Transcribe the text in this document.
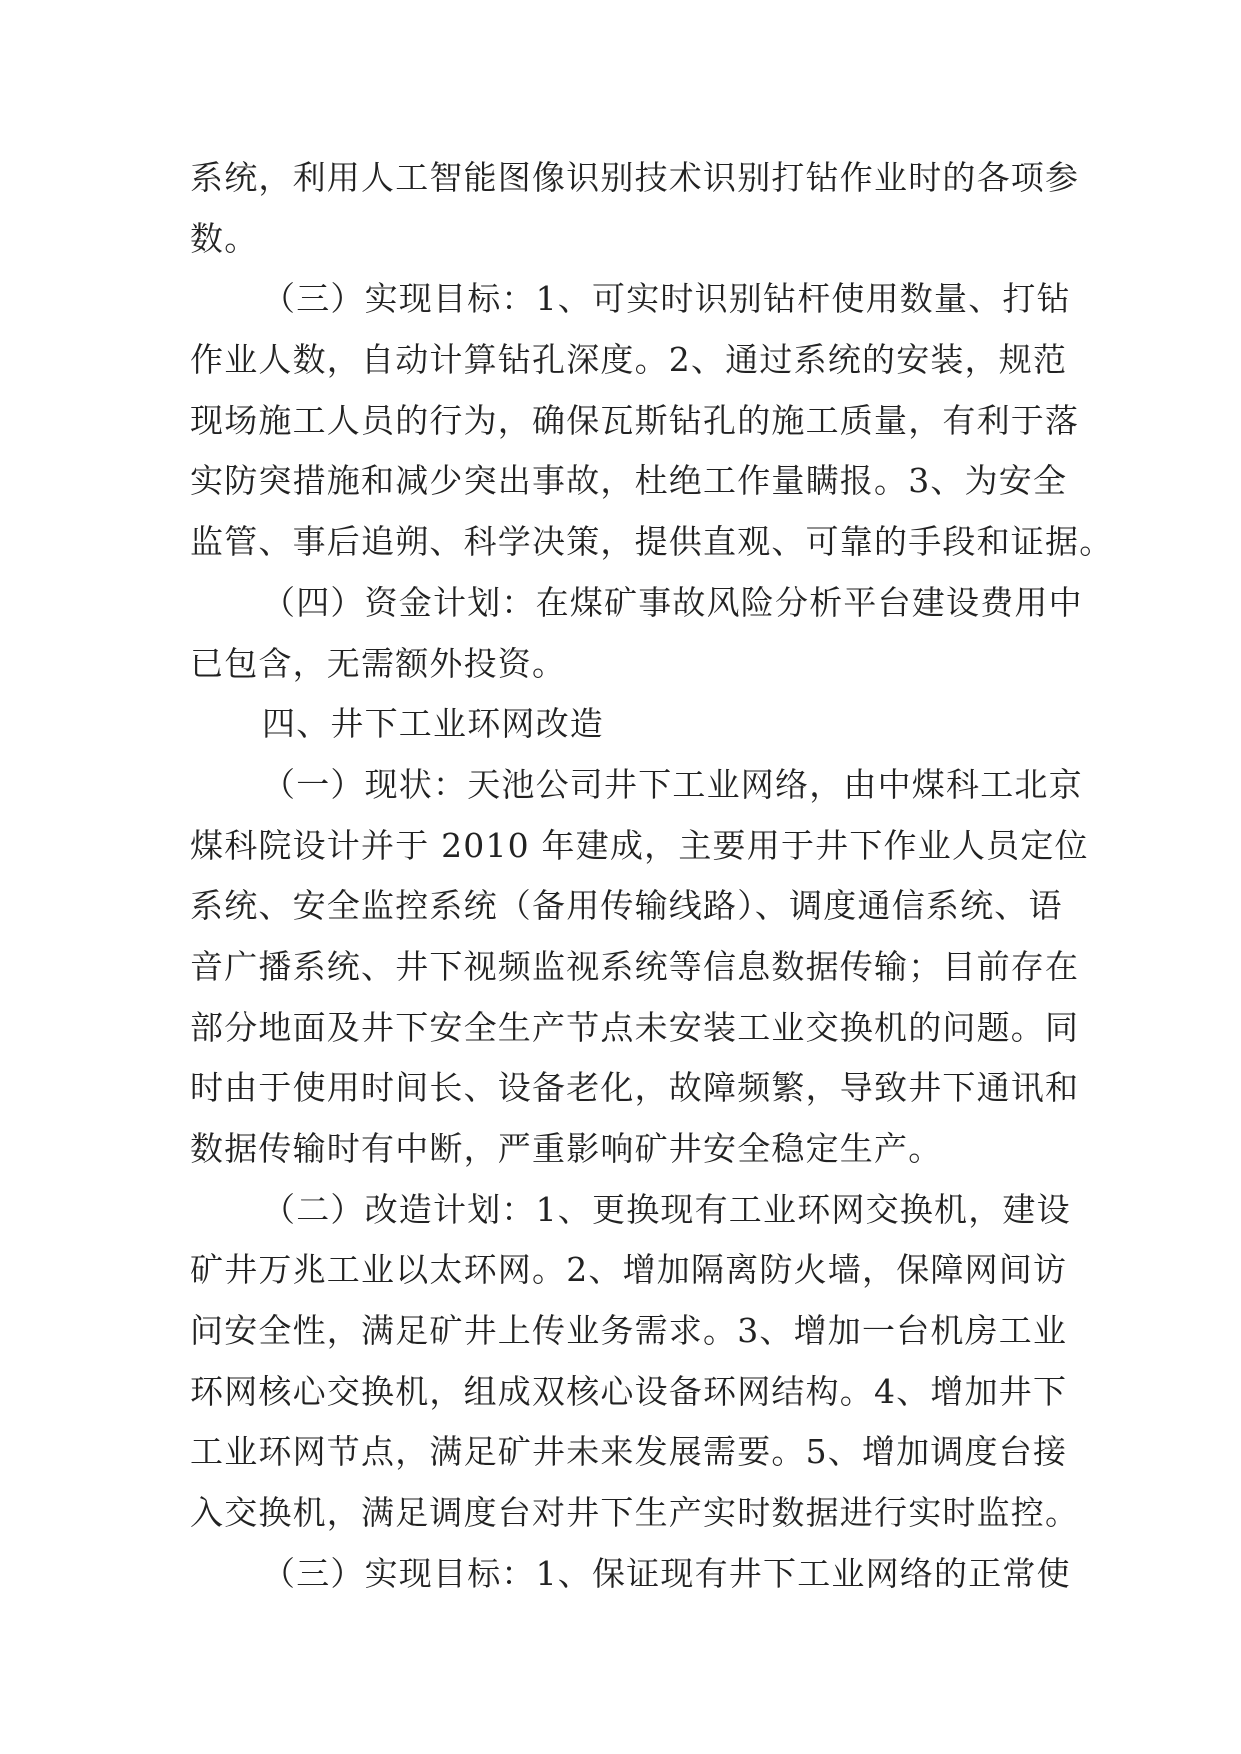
系统，利用人工智能图像识别技术识别打钻作业时的各项参
数。
（三）实现目标：1、可实时识别钻杆使用数量、打钻
作业人数，自动计算钻孔深度。2、通过系统的安装，规范
现场施工人员的行为，确保瓦斯钻孔的施工质量，有利于落
实防突措施和减少突出事故，杜绝工作量瞒报。3、为安全
监管、事后追朔、科学决策，提供直观、可靠的手段和证据。
（四）资金计划：在煤矿事故风险分析平台建设费用中
已包含，无需额外投资。
四、井下工业环网改造
（一）现状：天池公司井下工业网络，由中煤科工北京
煤科院设计并于 2010 年建成，主要用于井下作业人员定位
系统、安全监控系统（备用传输线路）、调度通信系统、语
音广播系统、井下视频监视系统等信息数据传输；目前存在
部分地面及井下安全生产节点未安装工业交换机的问题。同
时由于使用时间长、设备老化，故障频繁，导致井下通讯和
数据传输时有中断，严重影响矿井安全稳定生产。
（二）改造计划：1、更换现有工业环网交换机，建设
矿井万兆工业以太环网。2、增加隔离防火墙，保障网间访
问安全性，满足矿井上传业务需求。3、增加一台机房工业
环网核心交换机，组成双核心设备环网结构。4、增加井下
工业环网节点，满足矿井未来发展需要。5、增加调度台接
入交换机，满足调度台对井下生产实时数据进行实时监控。
（三）实现目标：1、保证现有井下工业网络的正常使
